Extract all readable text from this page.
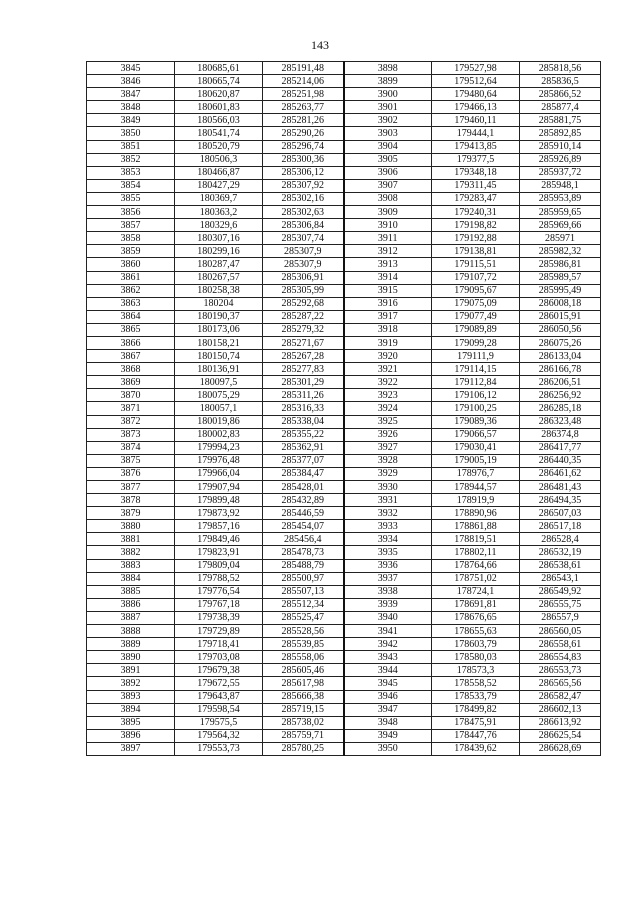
143
3845	180685,61	285191,48	3898	179527,98	285818,56
3846	180665,74	285214,06	3899	179512,64	285836,5
3847	180620,87	285251,98	3900	179480,64	285866,52
3848	180601,83	285263,77	3901	179466,13	285877,4
3849	180566,03	285281,26	3902	179460,11	285881,75
3850	180541,74	285290,26	3903	179444,1	285892,85
3851	180520,79	285296,74	3904	179413,85	285910,14
3852	180506,3	285300,36	3905	179377,5	285926,89
3853	180466,87	285306,12	3906	179348,18	285937,72
3854	180427,29	285307,92	3907	179311,45	285948,1
3855	180369,7	285302,16	3908	179283,47	285953,89
3856	180363,2	285302,63	3909	179240,31	285959,65
3857	180329,6	285306,84	3910	179198,82	285969,66
3858	180307,16	285307,74	3911	179192,88	285971
3859	180299,16	285307,9	3912	179138,81	285982,32
3860	180287,47	285307,9	3913	179115,51	285986,81
3861	180267,57	285306,91	3914	179107,72	285989,57
3862	180258,38	285305,99	3915	179095,67	285995,49
3863	180204	285292,68	3916	179075,09	286008,18
3864	180190,37	285287,22	3917	179077,49	286015,91
3865	180173,06	285279,32	3918	179089,89	286050,56
3866	180158,21	285271,67	3919	179099,28	286075,26
3867	180150,74	285267,28	3920	179111,9	286133,04
3868	180136,91	285277,83	3921	179114,15	286166,78
3869	180097,5	285301,29	3922	179112,84	286206,51
3870	180075,29	285311,26	3923	179106,12	286256,92
3871	180057,1	285316,33	3924	179100,25	286285,18
3872	180019,86	285338,04	3925	179089,36	286323,48
3873	180002,83	285355,22	3926	179066,57	286374,8
3874	179994,23	285362,91	3927	179030,41	286417,77
3875	179976,48	285377,07	3928	179005,19	286440,35
3876	179966,04	285384,47	3929	178976,7	286461,62
3877	179907,94	285428,01	3930	178944,57	286481,43
3878	179899,48	285432,89	3931	178919,9	286494,35
3879	179873,92	285446,59	3932	178890,96	286507,03
3880	179857,16	285454,07	3933	178861,88	286517,18
3881	179849,46	285456,4	3934	178819,51	286528,4
3882	179823,91	285478,73	3935	178802,11	286532,19
3883	179809,04	285488,79	3936	178764,66	286538,61
3884	179788,52	285500,97	3937	178751,02	286543,1
3885	179776,54	285507,13	3938	178724,1	286549,92
3886	179767,18	285512,34	3939	178691,81	286555,75
3887	179738,39	285525,47	3940	178676,65	286557,9
3888	179729,89	285528,56	3941	178655,63	286560,05
3889	179718,41	285539,85	3942	178603,79	286558,61
3890	179703,08	285558,06	3943	178580,03	286554,83
3891	179679,38	285605,46	3944	178573,3	286553,73
3892	179672,55	285617,98	3945	178558,52	286565,56
3893	179643,87	285666,38	3946	178533,79	286582,47
3894	179598,54	285719,15	3947	178499,82	286602,13
3895	179575,5	285738,02	3948	178475,91	286613,92
3896	179564,32	285759,71	3949	178447,76	286625,54
3897	179553,73	285780,25	3950	178439,62	286628,69
